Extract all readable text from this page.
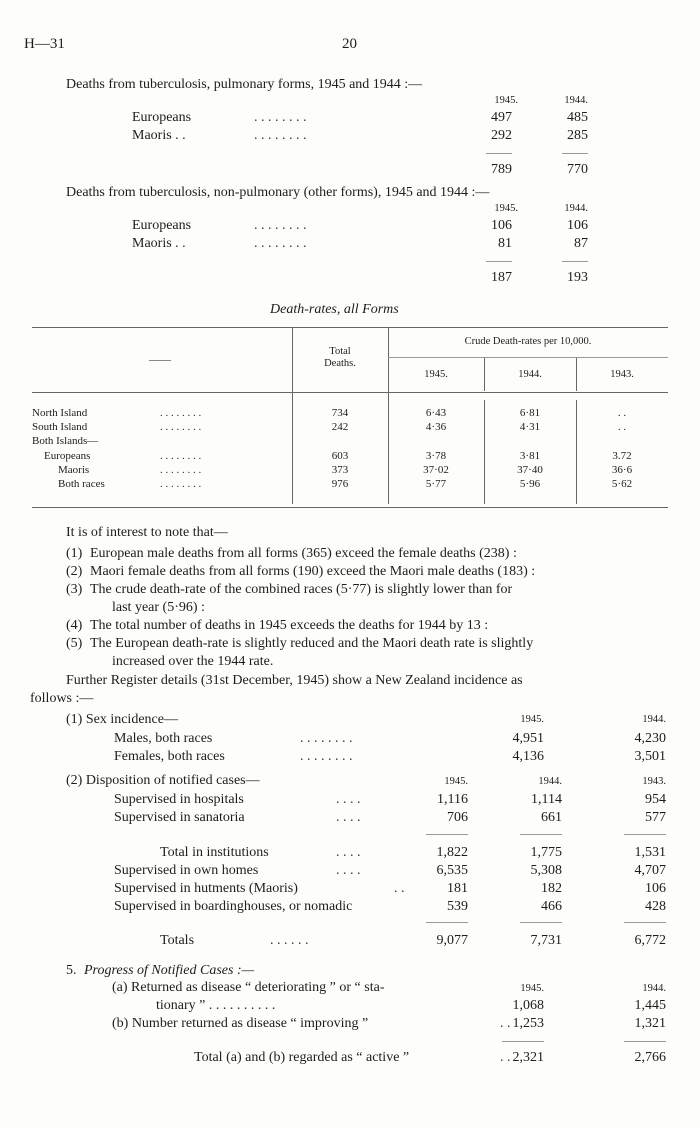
H—31	20
Deaths from tuberculosis, pulmonary forms, 1945 and 1944 :—
1945.	1944.
Europeans	. . . . . . . .	497	485
Maoris . .	. . . . . . . .	292	285
789	770
Deaths from tuberculosis, non-pulmonary (other forms), 1945 and 1944 :—
1945.	1944.
Europeans	. . . . . . . .	106	106
Maoris . .	. . . . . . . .	81	87
187	193
Death-rates, all Forms
——
Total
Deaths.
Crude Death-rates per 10,000.
1945.	1944.	1943.
North Island	. . . . . . . .	734	6·43	6·81	. .
South Island	. . . . . . . .	242	4·36	4·31	. .
Both Islands—
Europeans	. . . . . . . .	603	3·78	3·81	3.72
Maoris	. . . . . . . .	373	37·02	37·40	36·6
Both races	. . . . . . . .	976	5·77	5·96	5·62
It is of interest to note that—
(1) European male deaths from all forms (365) exceed the female deaths (238) :
(2) Maori female deaths from all forms (190) exceed the Maori male deaths (183) :
(3) The crude death-rate of the combined races (5·77) is slightly lower than for
last year (5·96) :
(4) The total number of deaths in 1945 exceeds the deaths for 1944 by 13 :
(5) The European death-rate is slightly reduced and the Maori death rate is slightly
increased over the 1944 rate.
Further Register details (31st December, 1945) show a New Zealand incidence as
follows :—
(1) Sex incidence—	1945.	1944.
Males, both races	. . . . . . . .	4,951	4,230
Females, both races	. . . . . . . .	4,136	3,501
(2) Disposition of notified cases—	1945.	1944.	1943.
Supervised in hospitals	. . . .	1,116	1,114	954
Supervised in sanatoria	. . . .	706	661	577
Total in institutions	. . . .	1,822	1,775	1,531
Supervised in own homes	. . . .	6,535	5,308	4,707
Supervised in hutments (Maoris)	. .	181	182	106
Supervised in boardinghouses, or nomadic	539	466	428
Totals	. . . . . .	9,077	7,731	6,772
5. Progress of Notified Cases :—
(a) Returned as disease “ deteriorating ” or “ sta-	1945.	1944.
tionary ” . . . . . . . . . .	1,068	1,445
(b) Number returned as disease “ improving ”	. . 1,253	1,321
Total (a) and (b) regarded as “ active ”	. . 2,321	2,766
